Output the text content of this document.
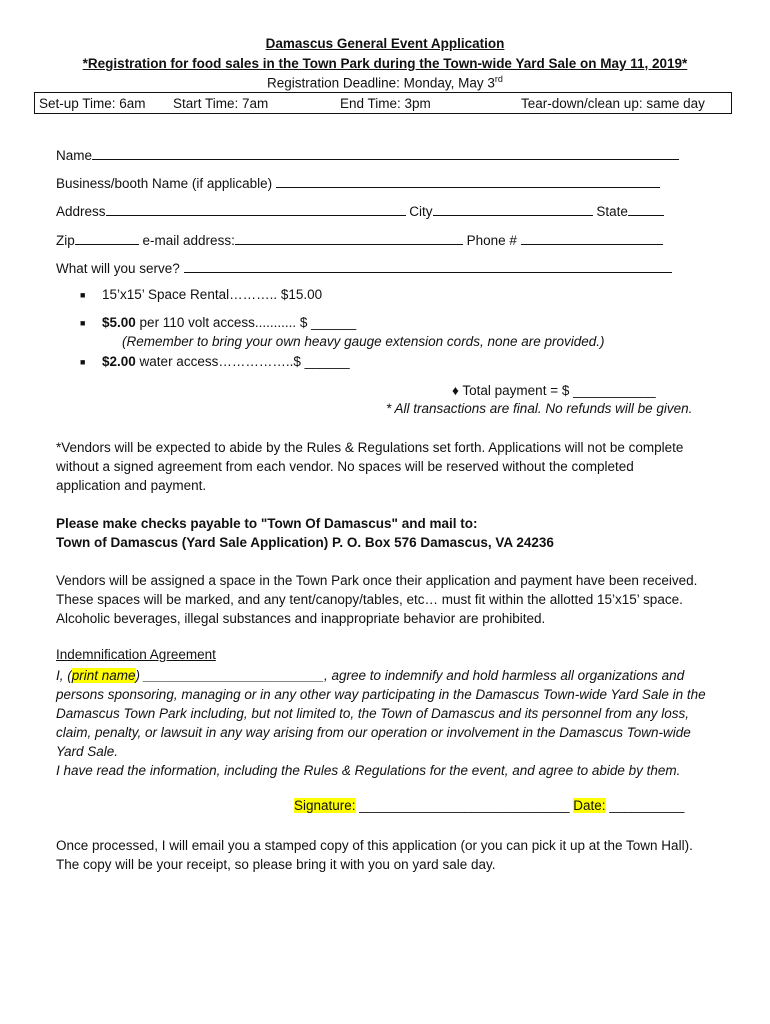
Damascus General Event Application
*Registration for food sales in the Town Park during the Town-wide Yard Sale on May 11, 2019*
Registration Deadline: Monday, May 3rd
Set-up Time: 6am Start Time: 7am	End Time: 3pm	Tear-down/clean up: same day
Name
Business/booth Name (if applicable)
Address	City	State
Zip	e-mail address:	Phone #
What will you serve?
■ 15’x15’ Space Rental……….. $15.00
■ $5.00 per 110 volt access........... $ ______
(Remember to bring your own heavy gauge extension cords, none are provided.)
■ $2.00 water access……………..$ ______
♦ Total payment = $ ___________
* All transactions are final. No refunds will be given.
*Vendors will be expected to abide by the Rules & Regulations set forth. Applications will not be complete
without a signed agreement from each vendor. No spaces will be reserved without the completed
application and payment.
Please make checks payable to "Town Of Damascus" and mail to:
Town of Damascus (Yard Sale Application) P. O. Box 576 Damascus, VA 24236
Vendors will be assigned a space in the Town Park once their application and payment have been received.
These spaces will be marked, and any tent/canopy/tables, etc… must fit within the allotted 15’x15’ space.
Alcoholic beverages, illegal substances and inappropriate behavior are prohibited.
Indemnification Agreement
I, (print name) ________________________, agree to indemnify and hold harmless all organizations and
persons sponsoring, managing or in any other way participating in the Damascus Town-wide Yard Sale in the
Damascus Town Park including, but not limited to, the Town of Damascus and its personnel from any loss,
claim, penalty, or lawsuit in any way arising from our operation or involvement in the Damascus Town-wide
Yard Sale.
I have read the information, including the Rules & Regulations for the event, and agree to abide by them.
Signature: ____________________________ Date: __________
Once processed, I will email you a stamped copy of this application (or you can pick it up at the Town Hall).
The copy will be your receipt, so please bring it with you on yard sale day.
